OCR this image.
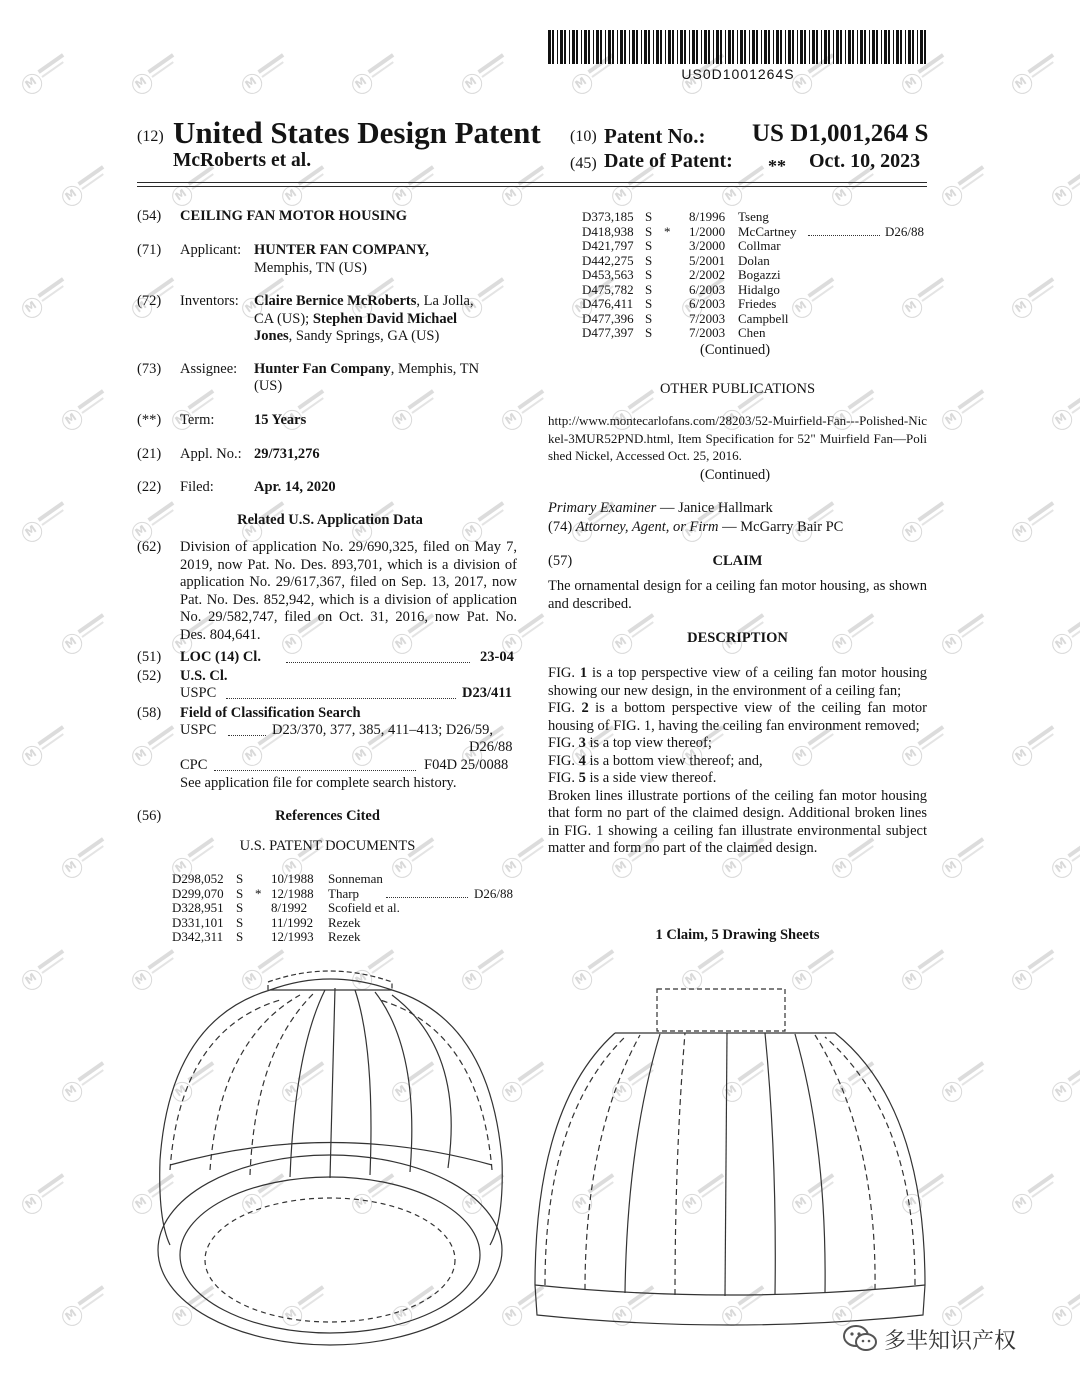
M
M
M
M
M
M
M
M
M
M
M
M
M
M
M
M
M
M
M
M
M
M
M
M
M
M
M
M
M
M
M
M
M
M
M
M
M
M
M
M
M
M
M
M
M
M
M
M
M
M
M
M
M
M
M
M
M
M
M
M
M
M
M
M
M
M
M
M
M
M
M
M
M
M
M
M
M
M
M
M
M
M
M
M
M
M
M
M
M
M
M
M
M
M
M
M
M
M
M
M
M
M
M
M
M
M
M
M
M
M
M
M
M
M
M
M
M
M
M
M
US0D1001264S
(12) United States Design Patent (10) Patent No.: US D1,001,264 S
McRoberts et al.	(45) Date of Patent: ** Oct. 10, 2023
(54) CEILING FAN MOTOR HOUSING
(71) Applicant: HUNTER FAN COMPANY,
Memphis, TN (US)
(72) Inventors: Claire Bernice McRoberts, La Jolla,
CA (US); Stephen David Michael
Jones, Sandy Springs, GA (US)
(73) Assignee: Hunter Fan Company, Memphis, TN
(US)
(**) Term:	15 Years
(21) Appl. No.: 29/731,276
(22) Filed:	Apr. 14, 2020
Related U.S. Application Data
(62) Division of application No. 29/690,325, filed on May 7, 2019, now Pat. No. Des. 893,701, which is a division of application No. 29/617,367, filed on Sep. 13, 2017, now Pat. No. Des. 852,942, which is a division of application No. 29/582,747, filed on Oct. 31, 2016, now Pat. No. Des. 804,641.
(51) LOC (14) Cl.	23-04
(52) U.S. Cl.
USPC	D23/411
(58) Field of Classification Search
USPC	D23/370, 377, 385, 411–413; D26/59,
D26/88
CPC	F04D 25/0088
See application file for complete search history.
(56)	References Cited
U.S. PATENT DOCUMENTS
D298,052 S 10/1988 Sonneman
D299,070 S * 12/1988 Tharp	D26/88
D328,951 S 8/1992 Scofield et al.
D331,101 S 11/1992 Rezek
D342,311 S 12/1993 Rezek
D373,185 S	8/1996 Tseng
D418,938 S * 1/2000 McCartney	D26/88
D421,797 S	3/2000 Collmar
D442,275 S	5/2001 Dolan
D453,563 S	2/2002 Bogazzi
D475,782 S	6/2003 Hidalgo
D476,411 S	6/2003 Friedes
D477,396 S	7/2003 Campbell
D477,397 S	7/2003 Chen
(Continued)
OTHER PUBLICATIONS
http://www.montecarlofans.com/28203/52-Muirfield-Fan---Polished-Nickel-3MUR52PND.html, Item Specification for 52" Muirfield Fan—Polished Nickel, Accessed Oct. 25, 2016.
(Continued)
Primary Examiner — Janice Hallmark
(74) Attorney, Agent, or Firm — McGarry Bair PC
(57)	CLAIM
The ornamental design for a ceiling fan motor housing, as shown and described.
DESCRIPTION
FIG. 1 is a top perspective view of a ceiling fan motor housing showing our new design, in the environment of a ceiling fan;
FIG. 2 is a bottom perspective view of the ceiling fan motor housing of FIG. 1, having the ceiling fan environment removed;
FIG. 3 is a top view thereof;
FIG. 4 is a bottom view thereof; and,
FIG. 5 is a side view thereof.
Broken lines illustrate portions of the ceiling fan motor housing that form no part of the claimed design. Additional broken lines in FIG. 1 showing a ceiling fan illustrate environmental subject matter and form no part of the claimed design.
1 Claim, 5 Drawing Sheets
多芈知识产权
